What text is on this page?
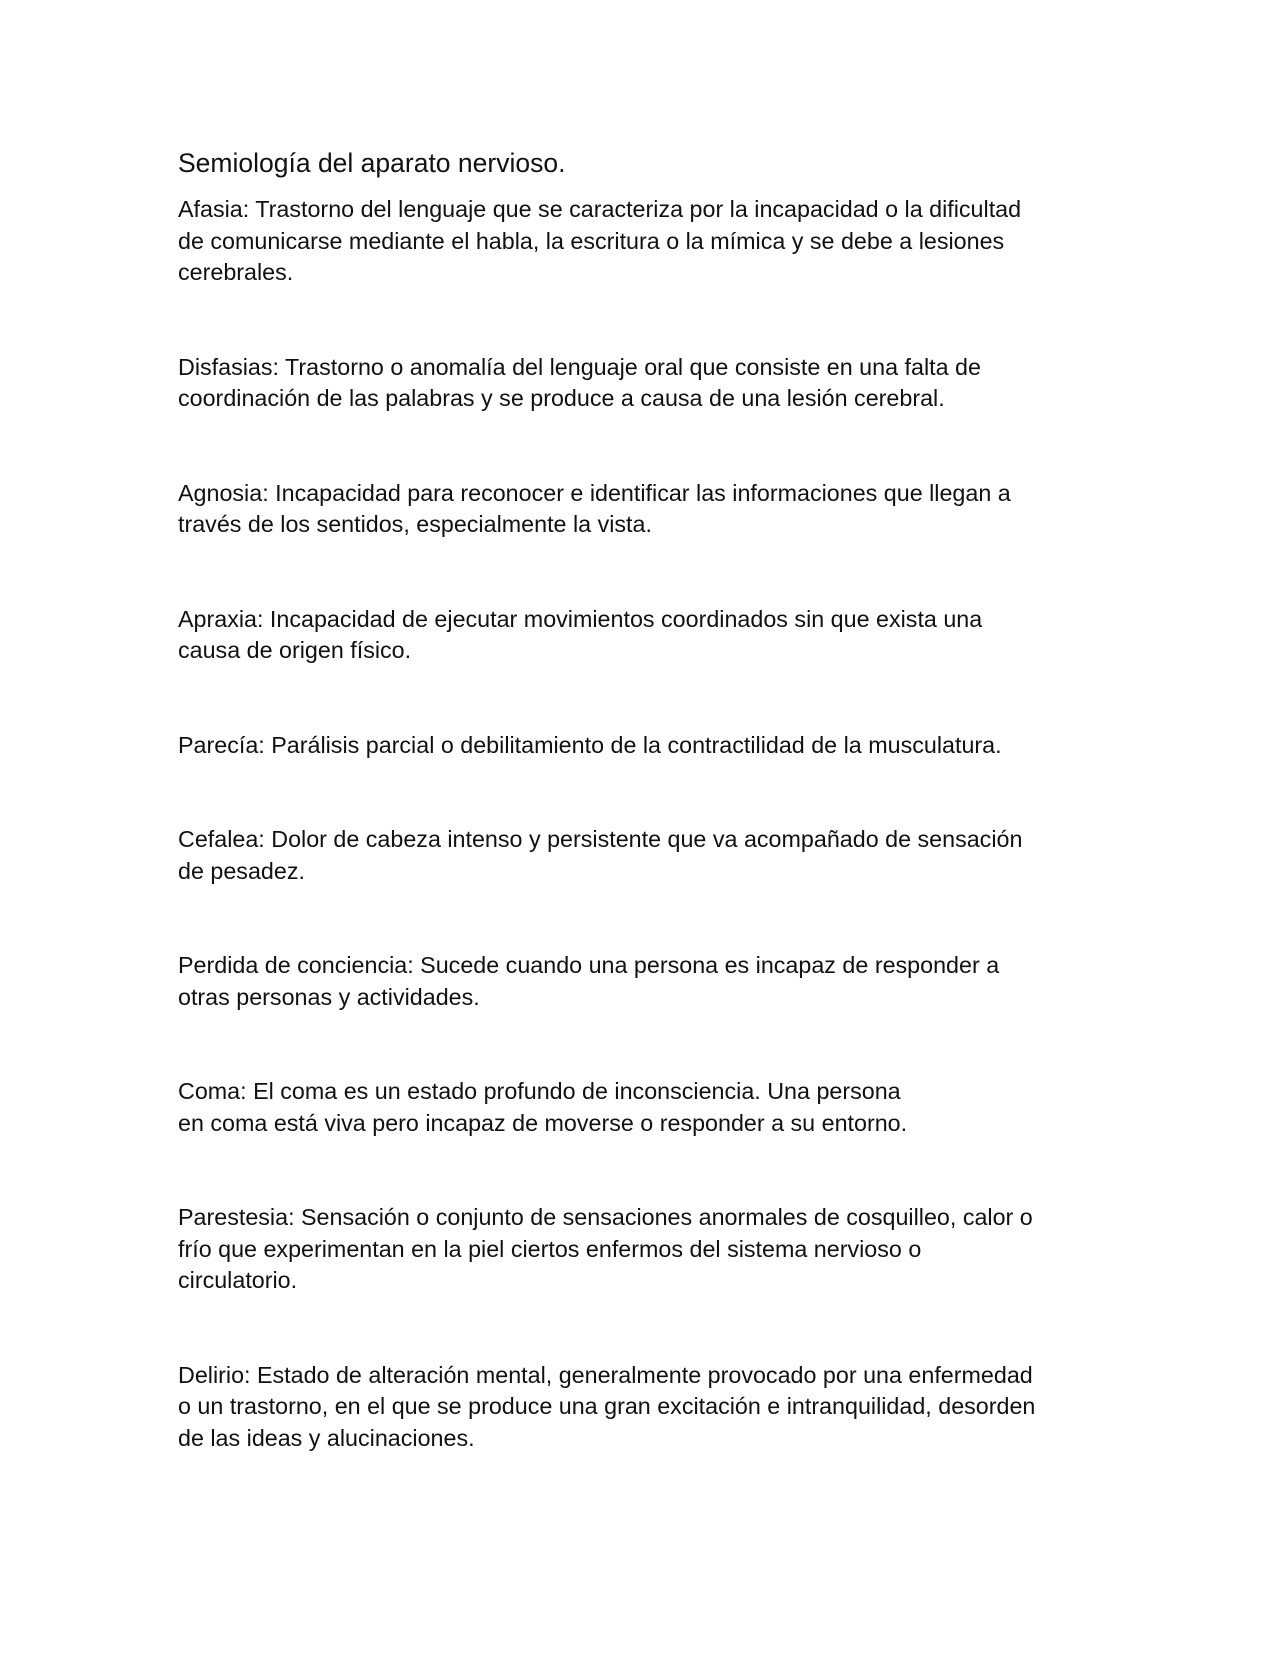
Semiología del aparato nervioso.
Afasia: Trastorno del lenguaje que se caracteriza por la incapacidad o la dificultad
de comunicarse mediante el habla, la escritura o la mímica y se debe a lesiones
cerebrales.
Disfasias: Trastorno o anomalía del lenguaje oral que consiste en una falta de
coordinación de las palabras y se produce a causa de una lesión cerebral.
Agnosia: Incapacidad para reconocer e identificar las informaciones que llegan a
través de los sentidos, especialmente la vista.
Apraxia: Incapacidad de ejecutar movimientos coordinados sin que exista una
causa de origen físico.
Parecía: Parálisis parcial o debilitamiento de la contractilidad de la musculatura.
Cefalea: Dolor de cabeza intenso y persistente que va acompañado de sensación
de pesadez.
Perdida de conciencia: Sucede cuando una persona es incapaz de responder a
otras personas y actividades.
Coma: El coma es un estado profundo de inconsciencia. Una persona
en coma está viva pero incapaz de moverse o responder a su entorno.
Parestesia: Sensación o conjunto de sensaciones anormales de cosquilleo, calor o
frío que experimentan en la piel ciertos enfermos del sistema nervioso o
circulatorio.
Delirio: Estado de alteración mental, generalmente provocado por una enfermedad
o un trastorno, en el que se produce una gran excitación e intranquilidad, desorden
de las ideas y alucinaciones.
